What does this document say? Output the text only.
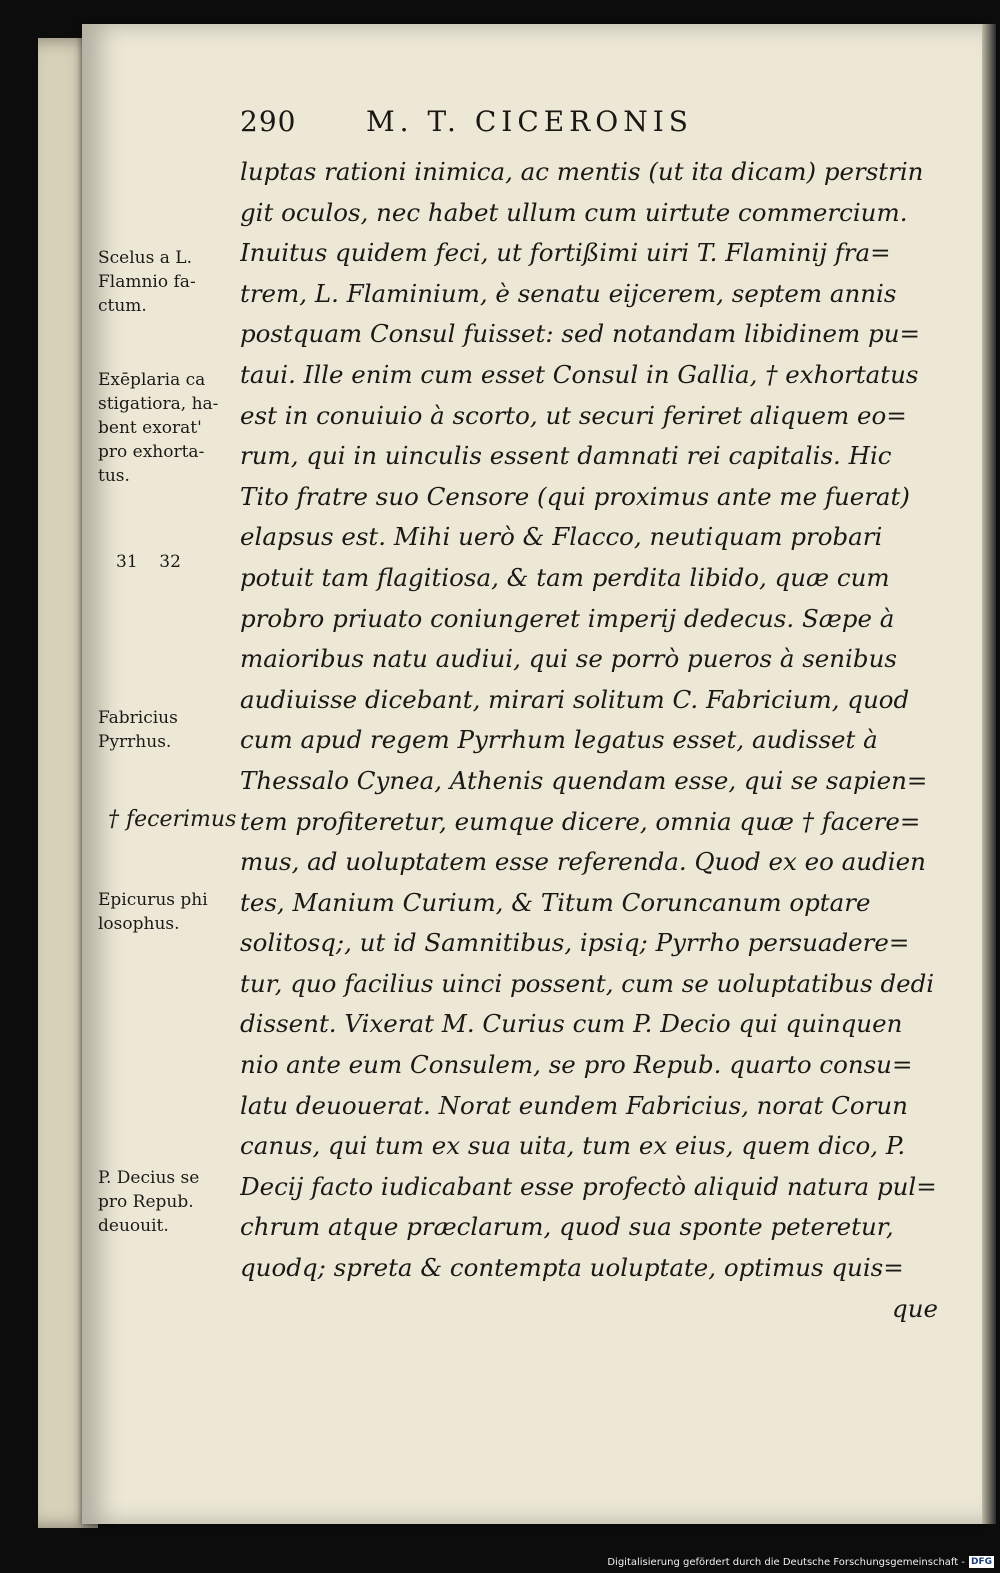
290 M. T. CICERONIS
luptas rationi inimica, ac mentis (ut ita dicam) perstrin
git oculos, nec habet ullum cum uirtute commercium.
Inuitus quidem feci, ut fortißimi uiri T. Flaminij fra=
trem, L. Flaminium, è senatu eijcerem, septem annis
postquam Consul fuisset: sed notandam libidinem pu=
taui. Ille enim cum esset Consul in Gallia, † exhortatus
est in conuiuio à scorto, ut securi feriret aliquem eo=
rum, qui in uinculis essent damnati rei capitalis. Hic
Tito fratre suo Censore (qui proximus ante me fuerat)
elapsus est. Mihi uerò & Flacco, neutiquam probari
potuit tam flagitiosa, & tam perdita libido, quæ cum
probro priuato coniungeret imperij dedecus. Sæpe à
maioribus natu audiui, qui se porrò pueros à senibus
audiuisse dicebant, mirari solitum C. Fabricium, quod
cum apud regem Pyrrhum legatus esset, audisset à
Thessalo Cynea, Athenis quendam esse, qui se sapien=
tem profiteretur, eumque dicere, omnia quæ † facere=
mus, ad uoluptatem esse referenda. Quod ex eo audien
tes, Manium Curium, & Titum Coruncanum optare
solitosq;, ut id Samnitibus, ipsiq; Pyrrho persuadere=
tur, quo facilius uinci possent, cum se uoluptatibus dedi
dissent. Vixerat M. Curius cum P. Decio qui quinquen
nio ante eum Consulem, se pro Repub. quarto consu=
latu deuouerat. Norat eundem Fabricius, norat Corun
canus, qui tum ex sua uita, tum ex eius, quem dico, P.
Decij facto iudicabant esse profectò aliquid natura pul=
chrum atque præclarum, quod sua sponte peteretur,
quodq; spreta & contempta uoluptate, optimus quis=
que
Scelus a L.
Flamnio fa-
ctum.
Exēplaria ca
stigatiora, ha-
bent exorat'
pro exhorta-
tus.

31    32

Fabricius
Pyrrhus.
† fecerimus
Epicurus phi
losophus.
P. Decius se
pro Repub.
deuouit.
Digitalisierung gefördert durch die Deutsche Forschungsgemeinschaft - DFG
